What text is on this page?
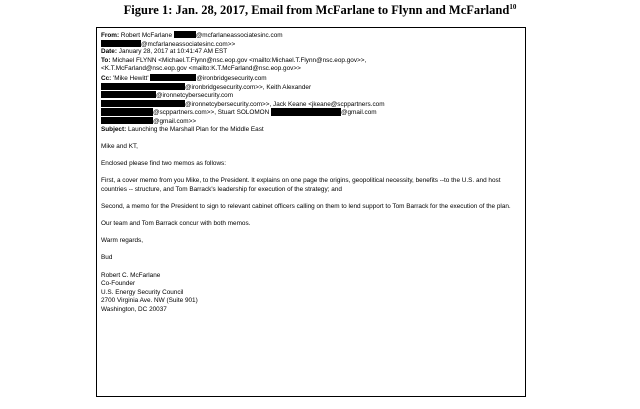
Figure 1: Jan. 28, 2017, Email from McFarlane to Flynn and McFarland$^{10}$
From: Robert McFarlane	@mcfarlaneassociatesinc.com
@mcfarlaneassociatesinc.com>>
Date: January 28, 2017 at 10:41:47 AM EST
To: Michael FLYNN <Michael.T.Flynn@nsc.eop.gov <mailto:Michael.T.Flynn@nsc.eop.gov>>,
<K.T.McFarland@nsc.eop.gov <mailto:K.T.McFarland@nsc.eop.gov>>
Cc: 'Mike Hewitt'	@ironbridgesecurity.com
@ironbridgesecurity.com>>, Keith Alexander
@ironnetcybersecurity.com
@ironnetcybersecurity.com>>, Jack Keane <jkeane@scppartners.com
@scppartners.com>>, Stuart SOLOMON	@gmail.com
@gmail.com>>
Subject: Launching the Marshall Plan for the Middle East
Mike and KT,
Enclosed please find two memos as follows:
First, a cover memo from you Mike, to the President. It explains on one page the origins, geopolitical necessity, benefits --to the U.S. and host countries -- structure, and Tom Barrack's leadership for execution of the strategy; and
Second, a memo for the President to sign to relevant cabinet officers calling on them to lend support to Tom Barrack for the execution of the plan.
Our team and Tom Barrack concur with both memos.
Warm regards,
Bud
Robert C. McFarlane
Co-Founder
U.S. Energy Security Council
2700 Virginia Ave. NW (Suite 901)
Washington, DC 20037
